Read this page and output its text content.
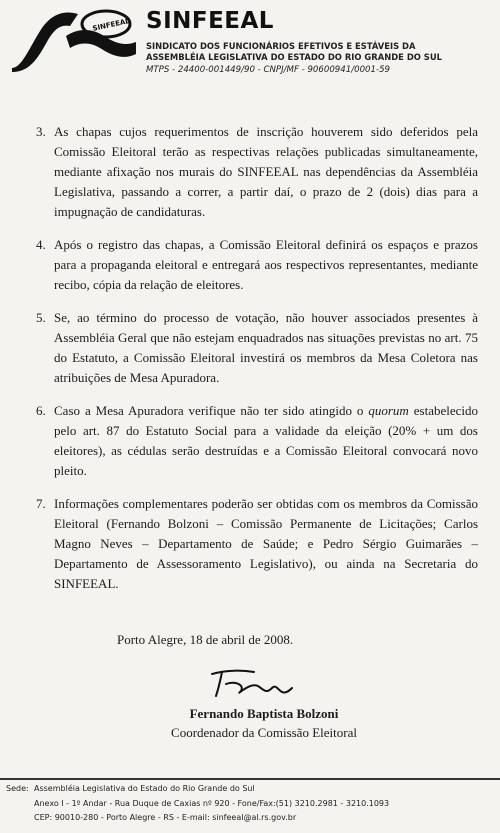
SINFEEAL SINFEEAL
SINDICATO DOS FUNCIONÁRIOS EFETIVOS E ESTÁVEIS DA
ASSEMBLÉIA LEGISLATIVA DO ESTADO DO RIO GRANDE DO SUL
MTPS - 24400-001449/90 - CNPJ/MF - 90600941/0001-59
3. As chapas cujos requerimentos de inscrição houverem sido deferidos pela Comissão Eleitoral terão as respectivas relações publicadas simultaneamente, mediante afixação nos murais do SINFEEAL nas dependências da Assembléia Legislativa, passando a correr, a partir daí, o prazo de 2 (dois) dias para a impugnação de candidaturas.
4. Após o registro das chapas, a Comissão Eleitoral definirá os espaços e prazos para a propaganda eleitoral e entregará aos respectivos representantes, mediante recibo, cópia da relação de eleitores.
5. Se, ao término do processo de votação, não houver associados presentes à Assembléia Geral que não estejam enquadrados nas situações previstas no art. 75 do Estatuto, a Comissão Eleitoral investirá os membros da Mesa Coletora nas atribuições de Mesa Apuradora.
6. Caso a Mesa Apuradora verifique não ter sido atingido o quorum estabelecido pelo art. 87 do Estatuto Social para a validade da eleição (20% + um dos eleitores), as cédulas serão destruídas e a Comissão Eleitoral convocará novo pleito.
7. Informações complementares poderão ser obtidas com os membros da Comissão Eleitoral (Fernando Bolzoni – Comissão Permanente de Licitações; Carlos Magno Neves – Departamento de Saúde; e Pedro Sérgio Guimarães – Departamento de Assessoramento Legislativo), ou ainda na Secretaria do SINFEEAL.
Porto Alegre, 18 de abril de 2008.
Fernando Baptista Bolzoni
Coordenador da Comissão Eleitoral
Sede: Assembléia Legislativa do Estado do Rio Grande do Sul
Anexo I - 1º Andar - Rua Duque de Caxias nº 920 - Fone/Fax:(51) 3210.2981 - 3210.1093
CEP: 90010-280 - Porto Alegre - RS - E-mail: sinfeeal@al.rs.gov.br
